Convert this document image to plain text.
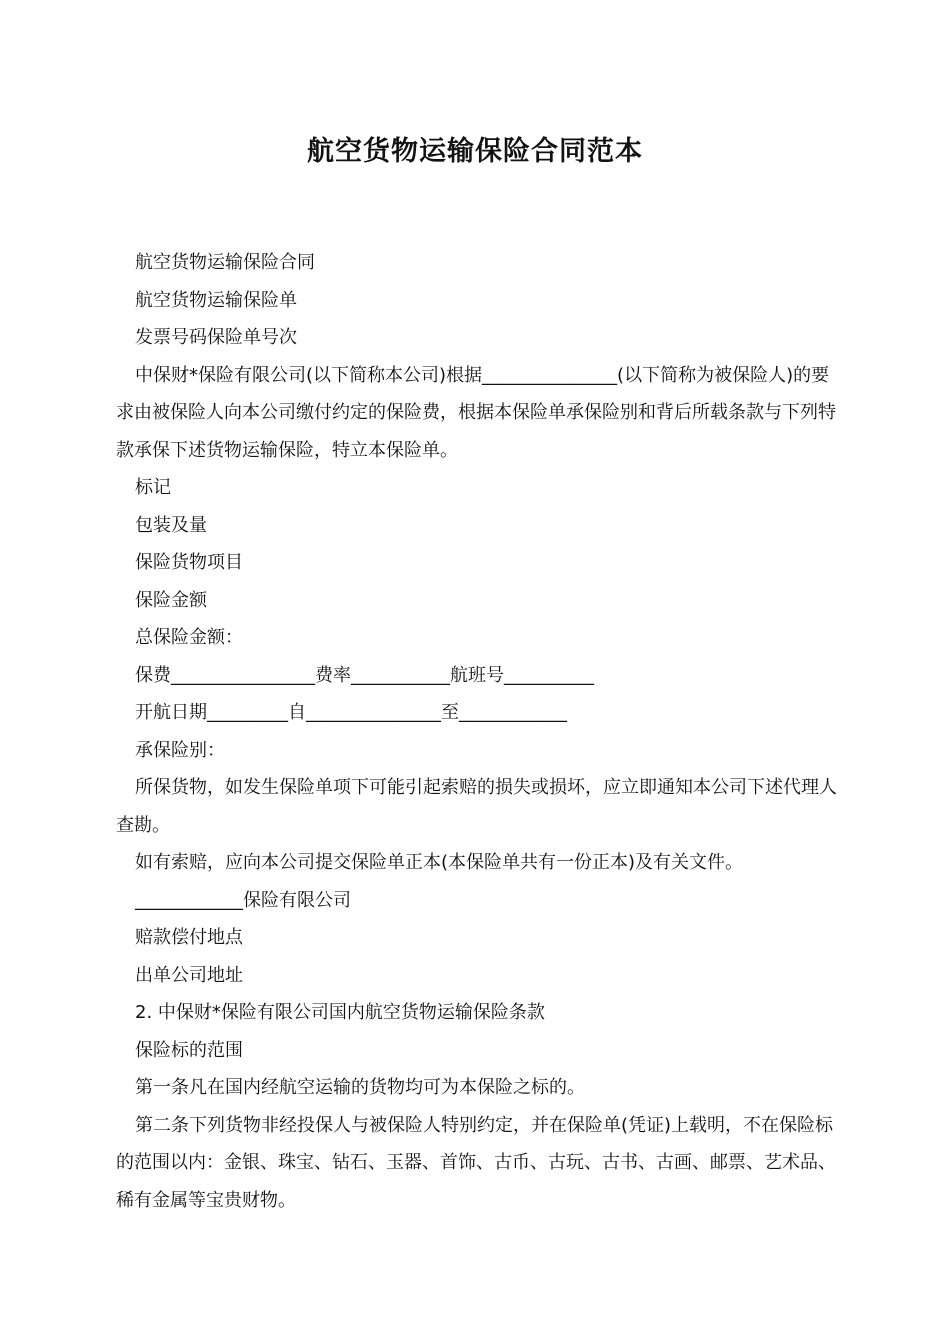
航空货物运输保险合同范本

航空货物运输保险合同

航空货物运输保险单

发票号码保险单号次

中保财*保险有限公司(以下简称本公司)根据_______________(以下简称为被保险人)的要求由被保险人向本公司缴付约定的保险费，根据本保险单承保险别和背后所载条款与下列特款承保下述货物运输保险，特立本保险单。

标记

包装及量

保险货物项目

保险金额

总保险金额：

保费________________费率___________航班号__________

开航日期_________自_______________至____________

承保险别：

所保货物，如发生保险单项下可能引起索赔的损失或损坏，应立即通知本公司下述代理人查勘。

如有索赔，应向本公司提交保险单正本(本保险单共有一份正本)及有关文件。

____________保险有限公司

赔款偿付地点

出单公司地址

2. 中保财*保险有限公司国内航空货物运输保险条款

保险标的范围

第一条凡在国内经航空运输的货物均可为本保险之标的。

第二条下列货物非经投保人与被保险人特别约定，并在保险单(凭证)上载明，不在保险标的范围以内：金银、珠宝、钻石、玉器、首饰、古币、古玩、古书、古画、邮票、艺术品、稀有金属等宝贵财物。
